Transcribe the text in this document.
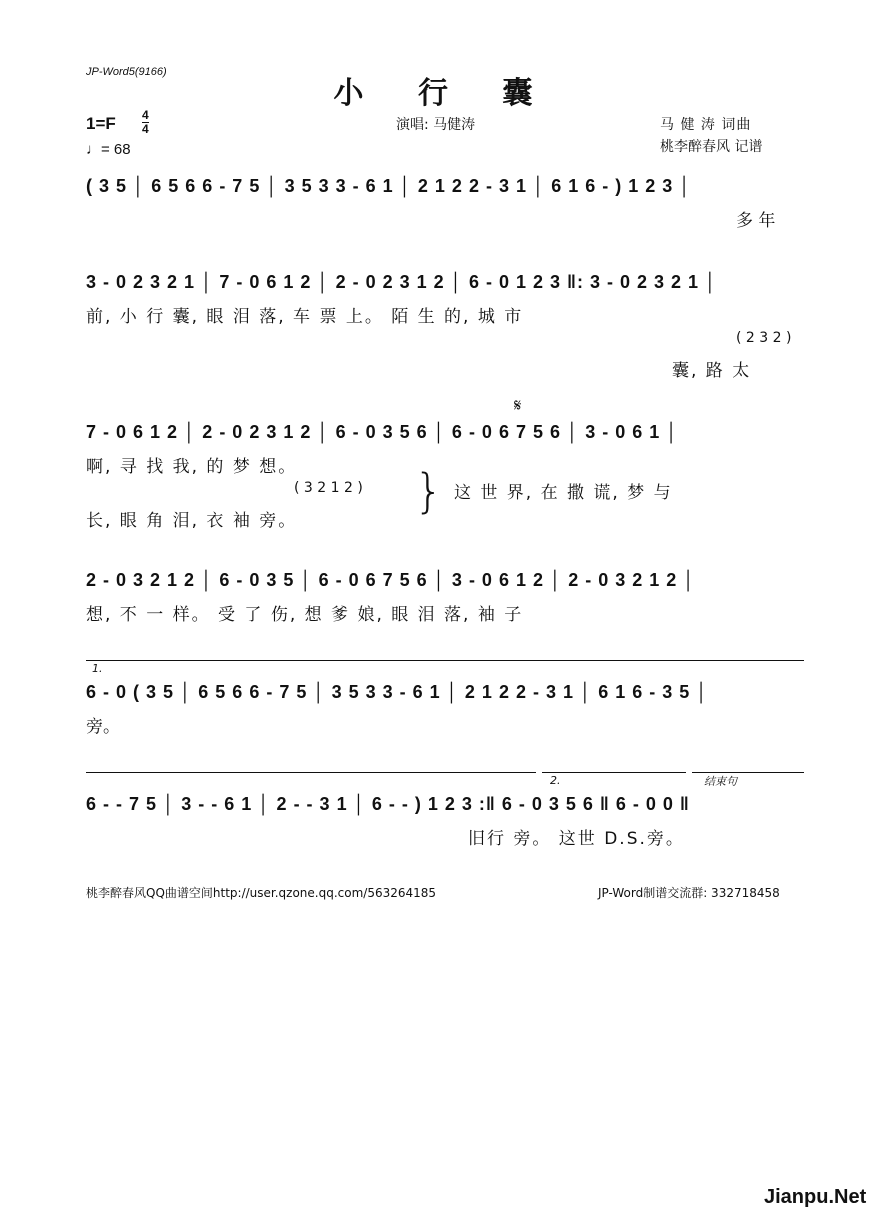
JP-Word5(9166)
小 行 囊
1=F 4
4
♩= 68
演唱: 马健涛	马 健 涛 词曲
桃李醉春风 记谱
( 3 5 │ 6 5 6 6 - 7 5 │ 3 5 3 3 - 6 1 │ 2 1 2 2 - 3 1 │ 6 1 6 - ) 1 2 3 │
多 年
3 - 0 2 3 2 1 │ 7 - 0 6 1 2 │ 2 - 0 2 3 1 2 │ 6 - 0 1 2 3 ‖: 3 - 0 2 3 2 1 │
前, 小 行 囊, 眼 泪 落, 车 票 上。 陌 生 的, 城 市
( 2 3 2 )
囊, 路 太
𝄋
7 - 0 6 1 2 │ 2 - 0 2 3 1 2 │ 6 - 0 3 5 6 │ 6 - 0 6 7 5 6 │ 3 - 0 6 1 │
啊, 寻 找 我, 的 梦 想。
( 3 2 1 2 )
长, 眼 角 泪, 衣 袖 旁。
} 这 世 界, 在 撒 谎, 梦 与
2 - 0 3 2 1 2 │ 6 - 0 3 5 │ 6 - 0 6 7 5 6 │ 3 - 0 6 1 2 │ 2 - 0 3 2 1 2 │
想, 不 一 样。 受 了 伤, 想 爹 娘, 眼 泪 落, 袖 子
1.
6 - 0 ( 3 5 │ 6 5 6 6 - 7 5 │ 3 5 3 3 - 6 1 │ 2 1 2 2 - 3 1 │ 6 1 6 - 3 5 │
旁。
2.	结束句
6 - - 7 5 │ 3 - - 6 1 │ 2 - - 3 1 │ 6 - - ) 1 2 3 :‖ 6 - 0 3 5 6 ‖ 6 - 0 0 ‖
旧行 旁。 这世 D.S.旁。
桃李醉春风QQ曲谱空间http://user.qzone.qq.com/563264185	JP-Word制谱交流群: 332718458
Jianpu.Net
